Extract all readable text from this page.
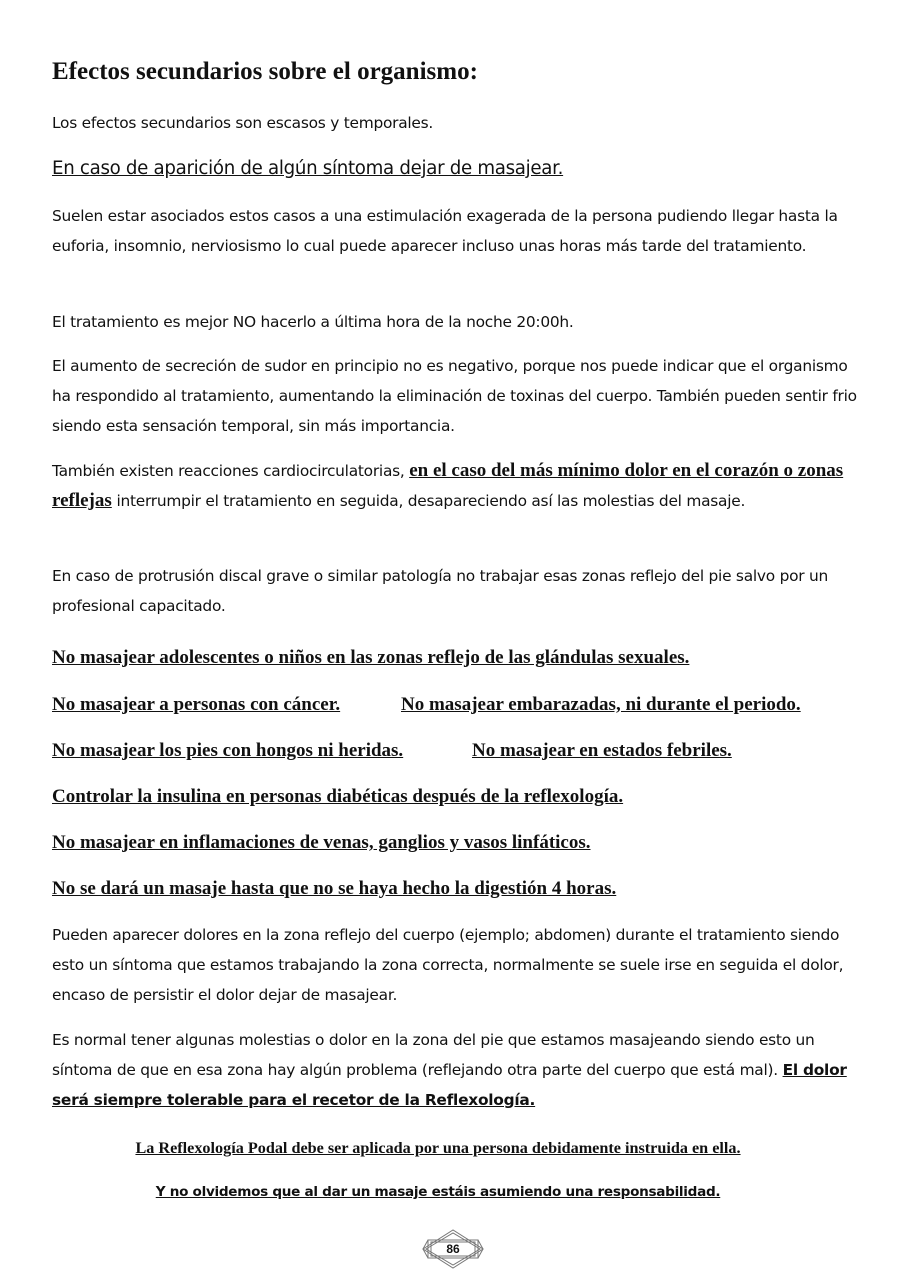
Efectos secundarios sobre el organismo:

Los efectos secundarios son escasos y temporales.

En caso de aparición de algún síntoma dejar de masajear.

Suelen estar asociados estos casos a una estimulación exagerada de la persona pudiendo llegar hasta la euforia, insomnio, nerviosismo lo cual puede aparecer incluso unas horas más tarde del tratamiento.

El tratamiento es mejor NO hacerlo a última hora de la noche 20:00h.

El aumento de secreción de sudor en principio no es negativo, porque nos puede indicar que el organismo ha respondido al tratamiento, aumentando la eliminación de toxinas del cuerpo. También pueden sentir frio siendo esta sensación temporal, sin más importancia.

También existen reacciones cardiocirculatorias, en el caso del más mínimo dolor en el corazón o zonas reflejas interrumpir el tratamiento en seguida, desapareciendo así las molestias del masaje.

En caso de protrusión discal grave o similar patología no trabajar esas zonas reflejo del pie salvo por un profesional capacitado.

No masajear adolescentes o niños en las zonas reflejo de las glándulas sexuales.

No masajear a personas con cáncer.	No masajear embarazadas, ni durante el periodo.

No masajear los pies con hongos ni heridas.	No masajear en estados febriles.

Controlar la insulina en personas diabéticas después de la reflexología.

No masajear en inflamaciones de venas, ganglios y vasos linfáticos.

No se dará un masaje hasta que no se haya hecho la digestión 4 horas.

Pueden aparecer dolores en la zona reflejo del cuerpo (ejemplo; abdomen) durante el tratamiento siendo esto un síntoma que estamos trabajando la zona correcta, normalmente se suele irse en seguida el dolor, encaso de persistir el dolor dejar de masajear.

Es normal tener algunas molestias o dolor en la zona del pie que estamos masajeando siendo esto un síntoma de que en esa zona hay algún problema (reflejando otra parte del cuerpo que está mal). El dolor será siempre tolerable para el recetor de la Reflexología.

La Reflexología Podal debe ser aplicada por una persona debidamente instruida en ella.

Y no olvidemos que al dar un masaje estáis asumiendo una responsabilidad.

86
